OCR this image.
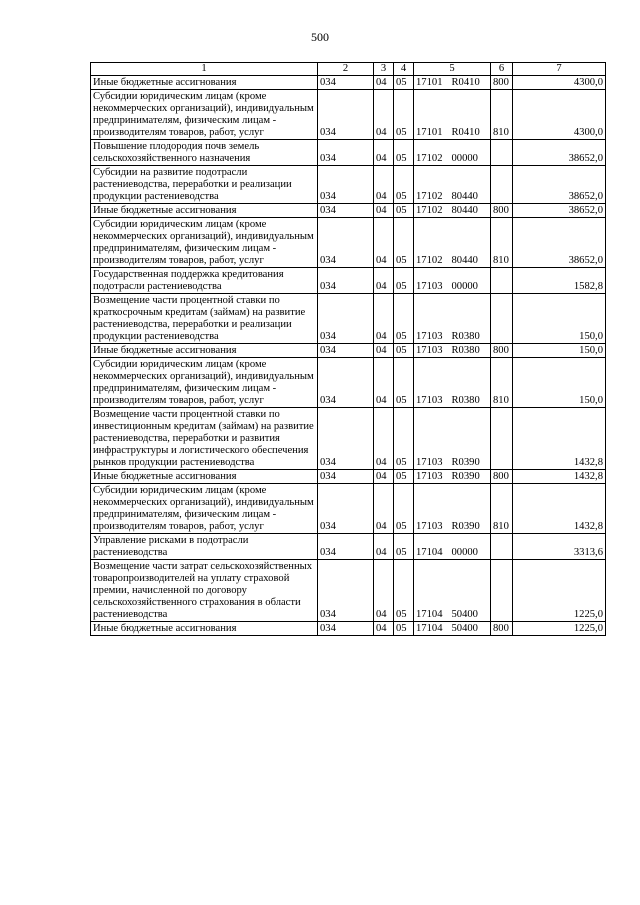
500
1	2	3	4	5	6	7
Иные бюджетные ассигнования	034	04	05	17101 R0410	800	4300,0
Субсидии юридическим лицам (кроме некоммерческих организаций), индивидуальным предпринимателям, физическим лицам - производителям товаров, работ, услуг	034	04	05	17101 R0410	810	4300,0
Повышение плодородия почв земель сельскохозяйственного назначения	034	04	05	17102 00000		38652,0
Субсидии на развитие подотрасли растениеводства, переработки и реализации продукции растениеводства	034	04	05	17102 80440		38652,0
Иные бюджетные ассигнования	034	04	05	17102 80440	800	38652,0
Субсидии юридическим лицам (кроме некоммерческих организаций), индивидуальным предпринимателям, физическим лицам - производителям товаров, работ, услуг	034	04	05	17102 80440	810	38652,0
Государственная поддержка кредитования подотрасли растениеводства	034	04	05	17103 00000		1582,8
Возмещение части процентной ставки по краткосрочным кредитам (займам) на развитие растениеводства, переработки и реализации продукции растениеводства	034	04	05	17103 R0380		150,0
Иные бюджетные ассигнования	034	04	05	17103 R0380	800	150,0
Субсидии юридическим лицам (кроме некоммерческих организаций), индивидуальным предпринимателям, физическим лицам - производителям товаров, работ, услуг	034	04	05	17103 R0380	810	150,0
Возмещение части процентной ставки по инвестиционным кредитам (займам) на развитие растениеводства, переработки и развития инфраструктуры и логистического обеспечения рынков продукции растениеводства	034	04	05	17103 R0390		1432,8
Иные бюджетные ассигнования	034	04	05	17103 R0390	800	1432,8
Субсидии юридическим лицам (кроме некоммерческих организаций), индивидуальным предпринимателям, физическим лицам - производителям товаров, работ, услуг	034	04	05	17103 R0390	810	1432,8
Управление рисками в подотрасли растениеводства	034	04	05	17104 00000		3313,6
Возмещение части затрат сельскохозяйственных товаропроизводителей на уплату страховой премии, начисленной по договору сельскохозяйственного страхования в области растениеводства	034	04	05	17104 50400		1225,0
Иные бюджетные ассигнования	034	04	05	17104 50400	800	1225,0
